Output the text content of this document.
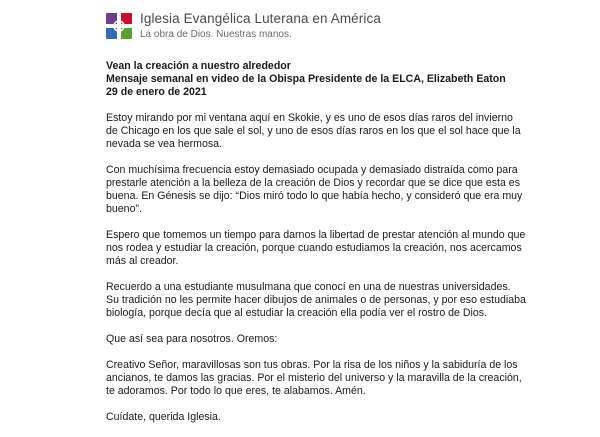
Iglesia Evangélica Luterana en América
La obra de Dios. Nuestras manos.
Vean la creación a nuestro alrededor
Mensaje semanal en video de la Obispa Presidente de la ELCA, Elizabeth Eaton
29 de enero de 2021

Estoy mirando por mi ventana aquí en Skokie, y es uno de esos días raros del invierno de Chicago en los que sale el sol, y uno de esos días raros en los que el sol hace que la nevada se vea hermosa.

Con muchísima frecuencia estoy demasiado ocupada y demasiado distraída como para prestarle atención a la belleza de la creación de Dios y recordar que se dice que esta es buena. En Génesis se dijo: “Dios miró todo lo que había hecho, y consideró que era muy bueno”.

Espero que tomemos un tiempo para darnos la libertad de prestar atención al mundo que nos rodea y estudiar la creación, porque cuando estudiamos la creación, nos acercamos más al creador.

Recuerdo a una estudiante musulmana que conocí en una de nuestras universidades. Su tradición no les permite hacer dibujos de animales o de personas, y por eso estudiaba biología, porque decía que al estudiar la creación ella podía ver el rostro de Dios.

Que así sea para nosotros. Oremos:

Creativo Señor, maravillosas son tus obras. Por la risa de los niños y la sabiduría de los ancianos, te damos las gracias. Por el misterio del universo y la maravilla de la creación, te adoramos. Por todo lo que eres, te alabamos. Amén.

Cuídate, querida Iglesia.
